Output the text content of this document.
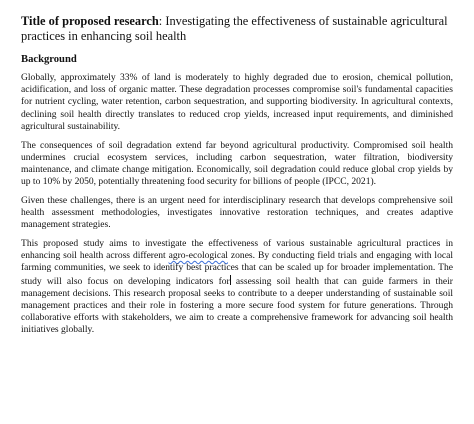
Title of proposed research: Investigating the effectiveness of sustainable agricultural practices in enhancing soil health
Background

Globally, approximately 33% of land is moderately to highly degraded due to erosion, chemical pollution, acidification, and loss of organic matter. These degradation processes compromise soil's fundamental capacities for nutrient cycling, water retention, carbon sequestration, and supporting biodiversity. In agricultural contexts, declining soil health directly translates to reduced crop yields, increased input requirements, and diminished agricultural sustainability.

The consequences of soil degradation extend far beyond agricultural productivity. Compromised soil health undermines crucial ecosystem services, including carbon sequestration, water filtration, biodiversity maintenance, and climate change mitigation. Economically, soil degradation could reduce global crop yields by up to 10% by 2050, potentially threatening food security for billions of people (IPCC, 2021).

Given these challenges, there is an urgent need for interdisciplinary research that develops comprehensive soil health assessment methodologies, investigates innovative restoration techniques, and creates adaptive management strategies.

This proposed study aims to investigate the effectiveness of various sustainable agricultural practices in enhancing soil health across different agro-ecological zones. By conducting field trials and engaging with local farming communities, we seek to identify best practices that can be scaled up for broader implementation. The study will also focus on developing indicators for assessing soil health that can guide farmers in their management decisions. This research proposal seeks to contribute to a deeper understanding of sustainable soil management practices and their role in fostering a more secure food system for future generations. Through collaborative efforts with stakeholders, we aim to create a comprehensive framework for advancing soil health initiatives globally.
